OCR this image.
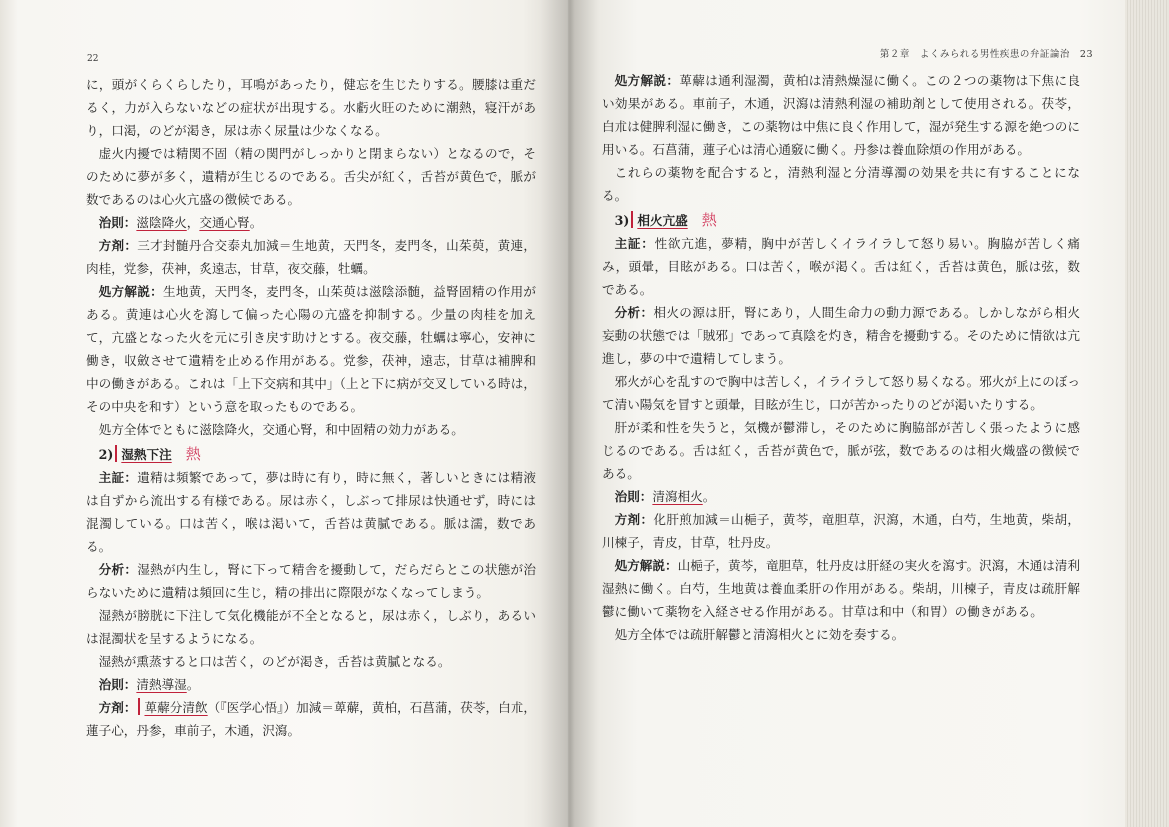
22

に，頭がくらくらしたり，耳鳴があったり，健忘を生じたりする。腰膝は重だるく，力が入らないなどの症状が出現する。水虧火旺のために潮熱，寝汗があり，口渇，のどが渇き，尿は赤く尿量は少なくなる。

虚火内擾では精関不固（精の関門がしっかりと閉まらない）となるので，そのために夢が多く，遺精が生じるのである。舌尖が紅く，舌苔が黄色で，脈が数であるのは心火亢盛の徴候である。

治則：滋陰降火，交通心腎。

方剤：三才封髄丹合交泰丸加減＝生地黄，天門冬，麦門冬，山茱萸，黄連，肉桂，党参，茯神，炙遠志，甘草，夜交藤，牡蠣。

処方解説：生地黄，天門冬，麦門冬，山茱萸は滋陰添髄，益腎固精の作用がある。黄連は心火を瀉して偏った心陽の亢盛を抑制する。少量の肉桂を加えて，亢盛となった火を元に引き戻す助けとする。夜交藤，牡蠣は寧心，安神に働き，収斂させて遺精を止める作用がある。党参，茯神，遠志，甘草は補脾和中の働きがある。これは「上下交病和其中」（上と下に病が交叉している時は，その中央を和す）という意を取ったものである。

処方全体でともに滋陰降火，交通心腎，和中固精の効力がある。

2) 湿熱下注 熱

主証：遺精は頻繁であって，夢は時に有り，時に無く，著しいときには精液は自ずから流出する有様である。尿は赤く，しぶって排尿は快通せず，時には混濁している。口は苦く，喉は渇いて，舌苔は黄膩である。脈は濡，数である。

分析：湿熱が内生し，腎に下って精舎を擾動して，だらだらとこの状態が治らないために遺精は頻回に生じ，精の排出に際限がなくなってしまう。

湿熱が膀胱に下注して気化機能が不全となると，尿は赤く，しぶり，あるいは混濁状を呈するようになる。

湿熱が熏蒸すると口は苦く，のどが渇き，舌苔は黄膩となる。

治則：清熱導湿。

方剤： 萆薢分清飲（『医学心悟』）加減＝萆薢，黄柏，石菖蒲，茯苓，白朮，蓮子心，丹参，車前子，木通，沢瀉。

第２章　よくみられる男性疾患の弁証論治　23

処方解説：萆薢は通利湿濁，黄柏は清熱燥湿に働く。この２つの薬物は下焦に良い効果がある。車前子，木通，沢瀉は清熱利湿の補助剤として使用される。茯苓，白朮は健脾利湿に働き，この薬物は中焦に良く作用して，湿が発生する源を絶つのに用いる。石菖蒲，蓮子心は清心通竅に働く。丹参は養血除煩の作用がある。

これらの薬物を配合すると，清熱利湿と分清導濁の効果を共に有することになる。

3) 相火亢盛 熱

主証：性欲亢進，夢精，胸中が苦しくイライラして怒り易い。胸脇が苦しく痛み，頭暈，目眩がある。口は苦く，喉が渇く。舌は紅く，舌苔は黄色，脈は弦，数である。

分析：相火の源は肝，腎にあり，人間生命力の動力源である。しかしながら相火妄動の状態では「賊邪」であって真陰を灼き，精舎を擾動する。そのために情欲は亢進し，夢の中で遺精してしまう。

邪火が心を乱すので胸中は苦しく，イライラして怒り易くなる。邪火が上にのぼって清い陽気を冒すと頭暈，目眩が生じ，口が苦かったりのどが渇いたりする。

肝が柔和性を失うと，気機が鬱滞し，そのために胸脇部が苦しく張ったように感じるのである。舌は紅く，舌苔が黄色で，脈が弦，数であるのは相火熾盛の徴候である。

治則：清瀉相火。

方剤：化肝煎加減＝山梔子，黄芩，竜胆草，沢瀉，木通，白芍，生地黄，柴胡，川楝子，青皮，甘草，牡丹皮。

処方解説：山梔子，黄芩，竜胆草，牡丹皮は肝経の実火を瀉す。沢瀉，木通は清利湿熱に働く。白芍，生地黄は養血柔肝の作用がある。柴胡，川楝子，青皮は疏肝解鬱に働いて薬物を入経させる作用がある。甘草は和中（和胃）の働きがある。

処方全体では疏肝解鬱と清瀉相火とに効を奏する。
